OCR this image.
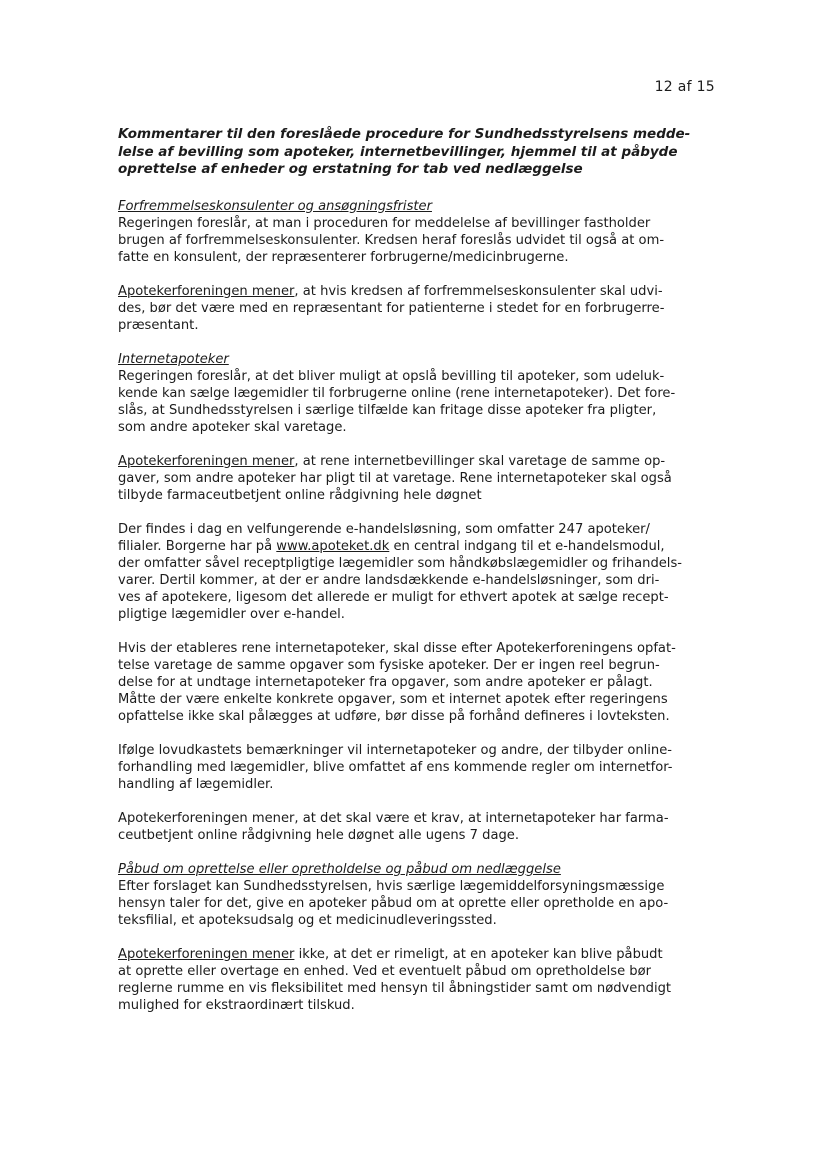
12 af 15
Kommentarer til den foreslåede procedure for Sundhedsstyrelsens medde-
lelse af bevilling som apoteker, internetbevillinger, hjemmel til at påbyde
oprettelse af enheder og erstatning for tab ved nedlæggelse
Forfremmelseskonsulenter og ansøgningsfrister
Regeringen foreslår, at man i proceduren for meddelelse af bevillinger fastholder
brugen af forfremmelseskonsulenter. Kredsen heraf foreslås udvidet til også at om-
fatte en konsulent, der repræsenterer forbrugerne/medicinbrugerne.
Apotekerforeningen mener, at hvis kredsen af forfremmelseskonsulenter skal udvi-
des, bør det være med en repræsentant for patienterne i stedet for en forbrugerre-
præsentant.
Internetapoteker
Regeringen foreslår, at det bliver muligt at opslå bevilling til apoteker, som udeluk-
kende kan sælge lægemidler til forbrugerne online (rene internetapoteker). Det fore-
slås, at Sundhedsstyrelsen i særlige tilfælde kan fritage disse apoteker fra pligter,
som andre apoteker skal varetage.
Apotekerforeningen mener, at rene internetbevillinger skal varetage de samme op-
gaver, som andre apoteker har pligt til at varetage. Rene internetapoteker skal også
tilbyde farmaceutbetjent online rådgivning hele døgnet
Der findes i dag en velfungerende e-handelsløsning, som omfatter 247 apoteker/
filialer. Borgerne har på www.apoteket.dk en central indgang til et e-handelsmodul,
der omfatter såvel receptpligtige lægemidler som håndkøbslægemidler og frihandels-
varer. Dertil kommer, at der er andre landsdækkende e-handelsløsninger, som dri-
ves af apotekere, ligesom det allerede er muligt for ethvert apotek at sælge recept-
pligtige lægemidler over e-handel.
Hvis der etableres rene internetapoteker, skal disse efter Apotekerforeningens opfat-
telse varetage de samme opgaver som fysiske apoteker. Der er ingen reel begrun-
delse for at undtage internetapoteker fra opgaver, som andre apoteker er pålagt.
Måtte der være enkelte konkrete opgaver, som et internet apotek efter regeringens
opfattelse ikke skal pålægges at udføre, bør disse på forhånd defineres i lovteksten.
Ifølge lovudkastets bemærkninger vil internetapoteker og andre, der tilbyder online-
forhandling med lægemidler, blive omfattet af ens kommende regler om internetfor-
handling af lægemidler.
Apotekerforeningen mener, at det skal være et krav, at internetapoteker har farma-
ceutbetjent online rådgivning hele døgnet alle ugens 7 dage.
Påbud om oprettelse eller opretholdelse og påbud om nedlæggelse
Efter forslaget kan Sundhedsstyrelsen, hvis særlige lægemiddelforsyningsmæssige
hensyn taler for det, give en apoteker påbud om at oprette eller opretholde en apo-
teksfilial, et apoteksudsalg og et medicinudleveringssted.
Apotekerforeningen mener ikke, at det er rimeligt, at en apoteker kan blive påbudt
at oprette eller overtage en enhed. Ved et eventuelt påbud om opretholdelse bør
reglerne rumme en vis fleksibilitet med hensyn til åbningstider samt om nødvendigt
mulighed for ekstraordinært tilskud.
